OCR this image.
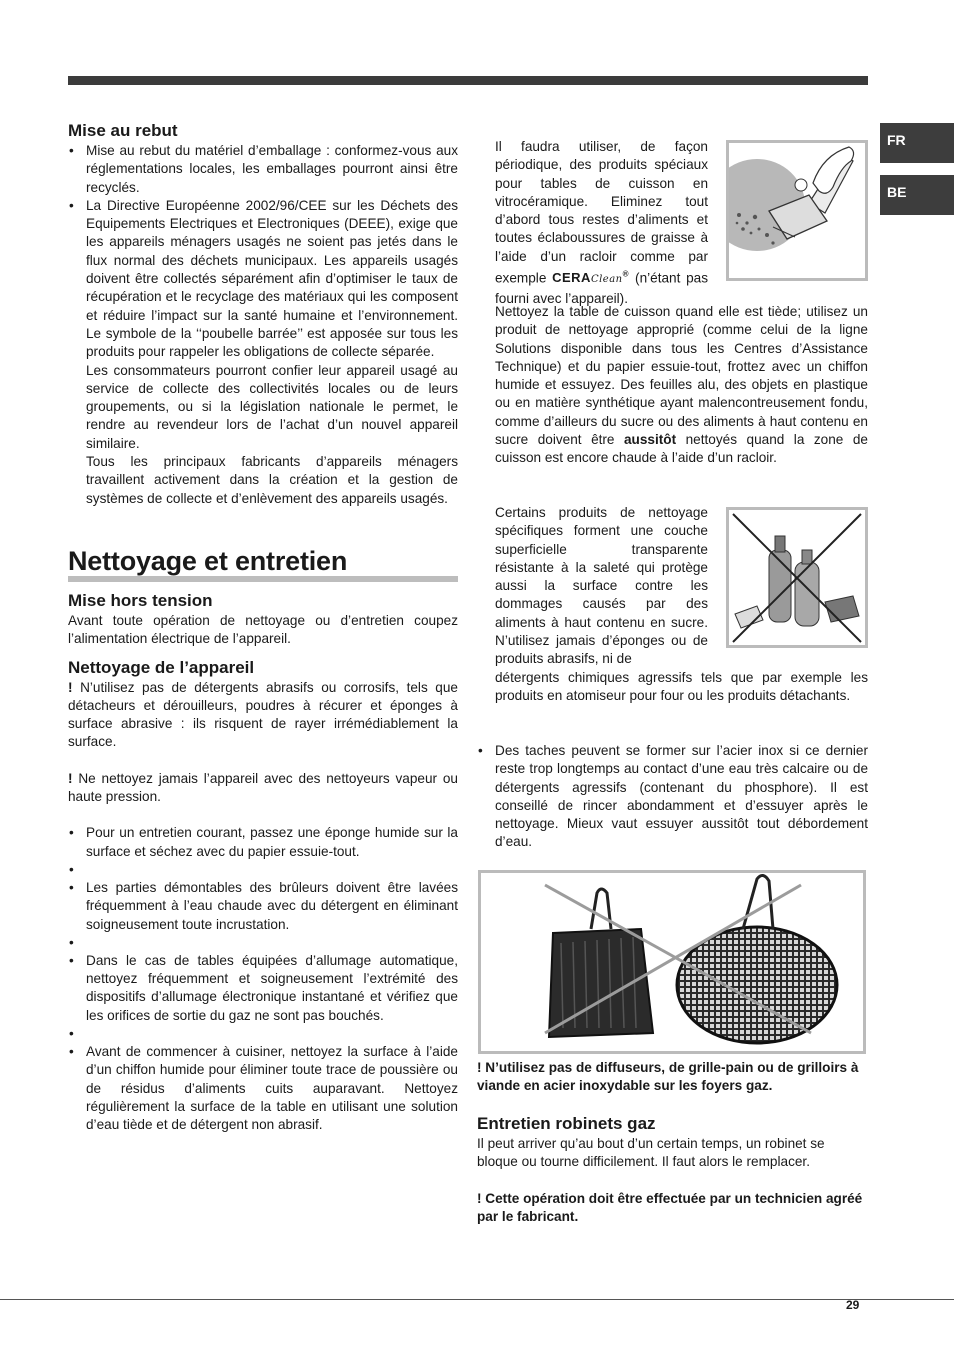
FR
BE
Mise au rebut
• Mise au rebut du matériel d’emballage : conformez-vous aux réglementations locales, les emballages pourront ainsi être recyclés.
• La Directive Européenne 2002/96/CEE sur les Déchets des Equipements Electriques et Electroniques (DEEE), exige que les appareils ménagers usagés ne soient pas jetés dans le flux normal des déchets municipaux. Les appareils usagés doivent être collectés séparément afin d’optimiser le taux de récupération et le recyclage des matériaux qui les composent et réduire l’impact sur la santé humaine et l’environnement. Le symbole de la ‘‘poubelle barrée’’ est apposée sur tous les produits pour rappeler les obligations de collecte séparée.

Les consommateurs pourront confier leur appareil usagé au service de collecte des collectivités locales ou de leurs groupements, ou si la législation nationale le permet, le rendre au revendeur lors de l’achat d’un nouvel appareil similaire.

Tous les principaux fabricants d’appareils ménagers travaillent activement dans la création et la gestion de systèmes de collecte et d’enlèvement des appareils usagés.

Nettoyage et entretien
Mise hors tension

Avant toute opération de nettoyage ou d’entretien coupez l’alimentation électrique de l’appareil.

Nettoyage de l’appareil

! N’utilisez pas de détergents abrasifs ou corrosifs, tels que détacheurs et dérouilleurs, poudres à récurer et éponges à surface abrasive : ils risquent de rayer irrémédiablement la surface.

! Ne nettoyez jamais l’appareil avec des nettoyeurs vapeur ou haute pression.

• Pour un entretien courant, passez une éponge humide sur la surface et séchez avec du papier essuie-tout.
•
• Les parties démontables des brûleurs doivent être lavées fréquemment à l’eau chaude avec du détergent en éliminant soigneusement toute incrustation.
•
• Dans le cas de tables équipées d’allumage automatique, nettoyez fréquemment et soigneusement l’extrémité des dispositifs d’allumage électronique instantané et vérifiez que les orifices de sortie du gaz ne sont pas bouchés.
•
• Avant de commencer à cuisiner, nettoyez la surface à l’aide d’un chiffon humide pour éliminer toute trace de poussière ou de résidus d’aliments cuits auparavant. Nettoyez régulièrement la surface de la table en utilisant une solution d’eau tiède et de détergent non abrasif.
Il faudra utiliser, de façon périodique, des produits spéciaux pour tables de cuisson en vitrocéramique. Eliminez tout d’abord tous restes d’aliments et toutes éclaboussures de graisse à l’aide d’un racloir comme par exemple CERAClean® (n’étant pas fourni avec l’appareil).
Nettoyez la table de cuisson quand elle est tiède; utilisez un produit de nettoyage approprié (comme celui de la ligne Solutions disponible dans tous les Centres d’Assistance Technique) et du papier essuie-tout, frottez avec un chiffon humide et essuyez. Des feuilles alu, des objets en plastique ou en matière synthétique ayant malencontreusement fondu, comme d’ailleurs du sucre ou des aliments à haut contenu en sucre doivent être aussitôt nettoyés quand la zone de cuisson est encore chaude à l’aide d’un racloir.
Certains produits de nettoyage spécifiques forment une couche superficielle transparente résistante à la saleté qui protège aussi la surface contre les dommages causés par des aliments à haut contenu en sucre. N’utilisez jamais d’éponges ou de produits abrasifs, ni de
détergents chimiques agressifs tels que par exemple les produits en atomiseur pour four ou les produits détachants.
• Des taches peuvent se former sur l’acier inox si ce dernier reste trop longtemps au contact d’une eau très calcaire ou de détergents agressifs (contenant du phosphore). Il est conseillé de rincer abondamment et d’essuyer après le nettoyage. Mieux vaut essuyer aussitôt tout débordement d’eau.

! N’utilisez pas de diffuseurs, de grille-pain ou de grilloirs à viande en acier inoxydable sur les foyers gaz.

Entretien robinets gaz

Il peut arriver qu’au bout d’un certain temps, un robinet se bloque ou tourne difficilement. Il faut alors le remplacer.

! Cette opération doit être effectuée par un technicien agréé par le fabricant.

29
